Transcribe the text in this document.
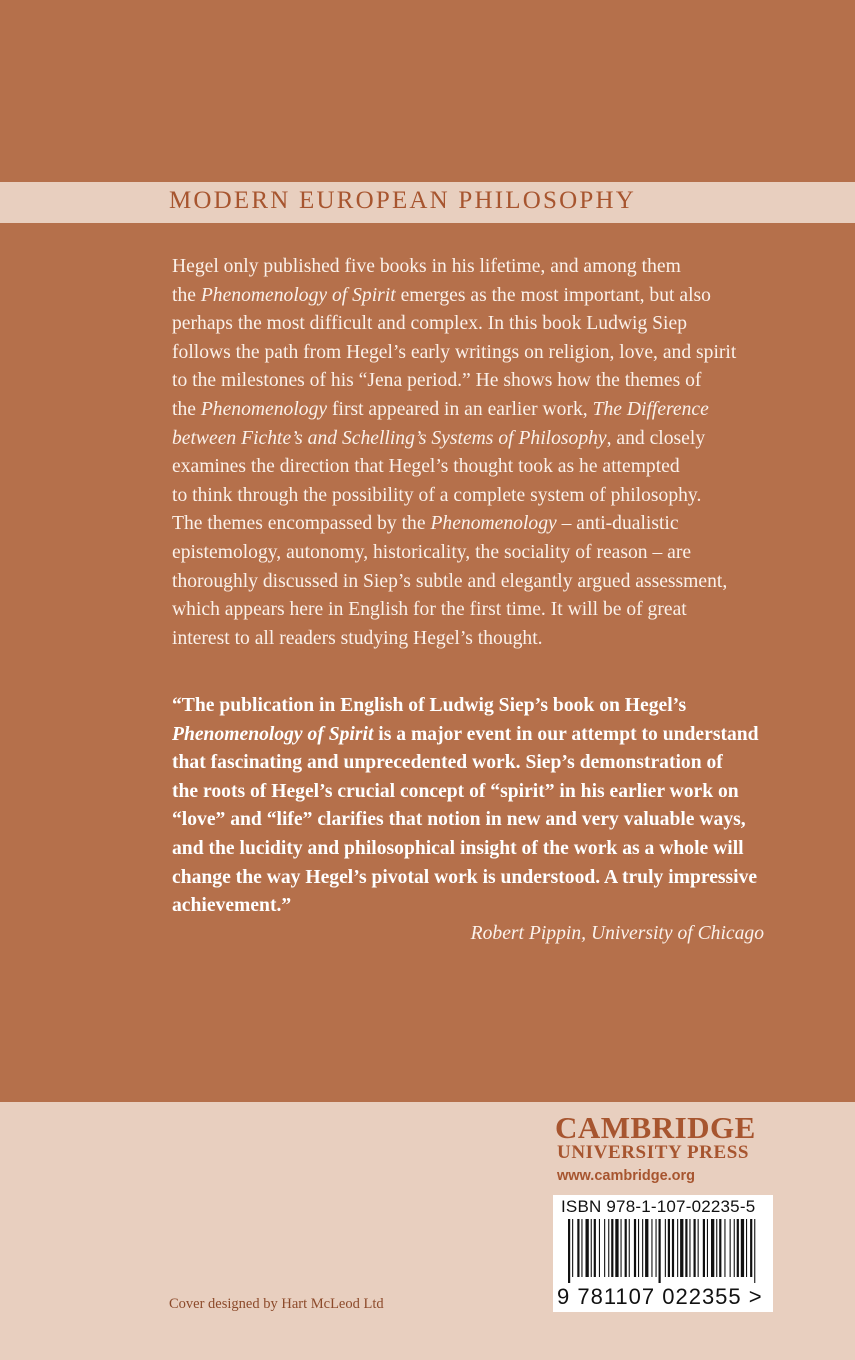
MODERN EUROPEAN PHILOSOPHY
Hegel only published five books in his lifetime, and among them
the Phenomenology of Spirit emerges as the most important, but also
perhaps the most difficult and complex. In this book Ludwig Siep
follows the path from Hegel’s early writings on religion, love, and spirit
to the milestones of his “Jena period.” He shows how the themes of
the Phenomenology first appeared in an earlier work, The Difference
between Fichte’s and Schelling’s Systems of Philosophy, and closely
examines the direction that Hegel’s thought took as he attempted
to think through the possibility of a complete system of philosophy.
The themes encompassed by the Phenomenology – anti-dualistic
epistemology, autonomy, historicality, the sociality of reason – are
thoroughly discussed in Siep’s subtle and elegantly argued assessment,
which appears here in English for the first time. It will be of great
interest to all readers studying Hegel’s thought.
“The publication in English of Ludwig Siep’s book on Hegel’s
Phenomenology of Spirit is a major event in our attempt to understand
that fascinating and unprecedented work. Siep’s demonstration of
the roots of Hegel’s crucial concept of “spirit” in his earlier work on
“love” and “life” clarifies that notion in new and very valuable ways,
and the lucidity and philosophical insight of the work as a whole will
change the way Hegel’s pivotal work is understood. A truly impressive
achievement.”
Robert Pippin, University of Chicago
CAMBRIDGE
UNIVERSITY PRESS
www.cambridge.org
ISBN 978-1-107-02235-5
9 781107 022355 >
Cover designed by Hart McLeod Ltd
